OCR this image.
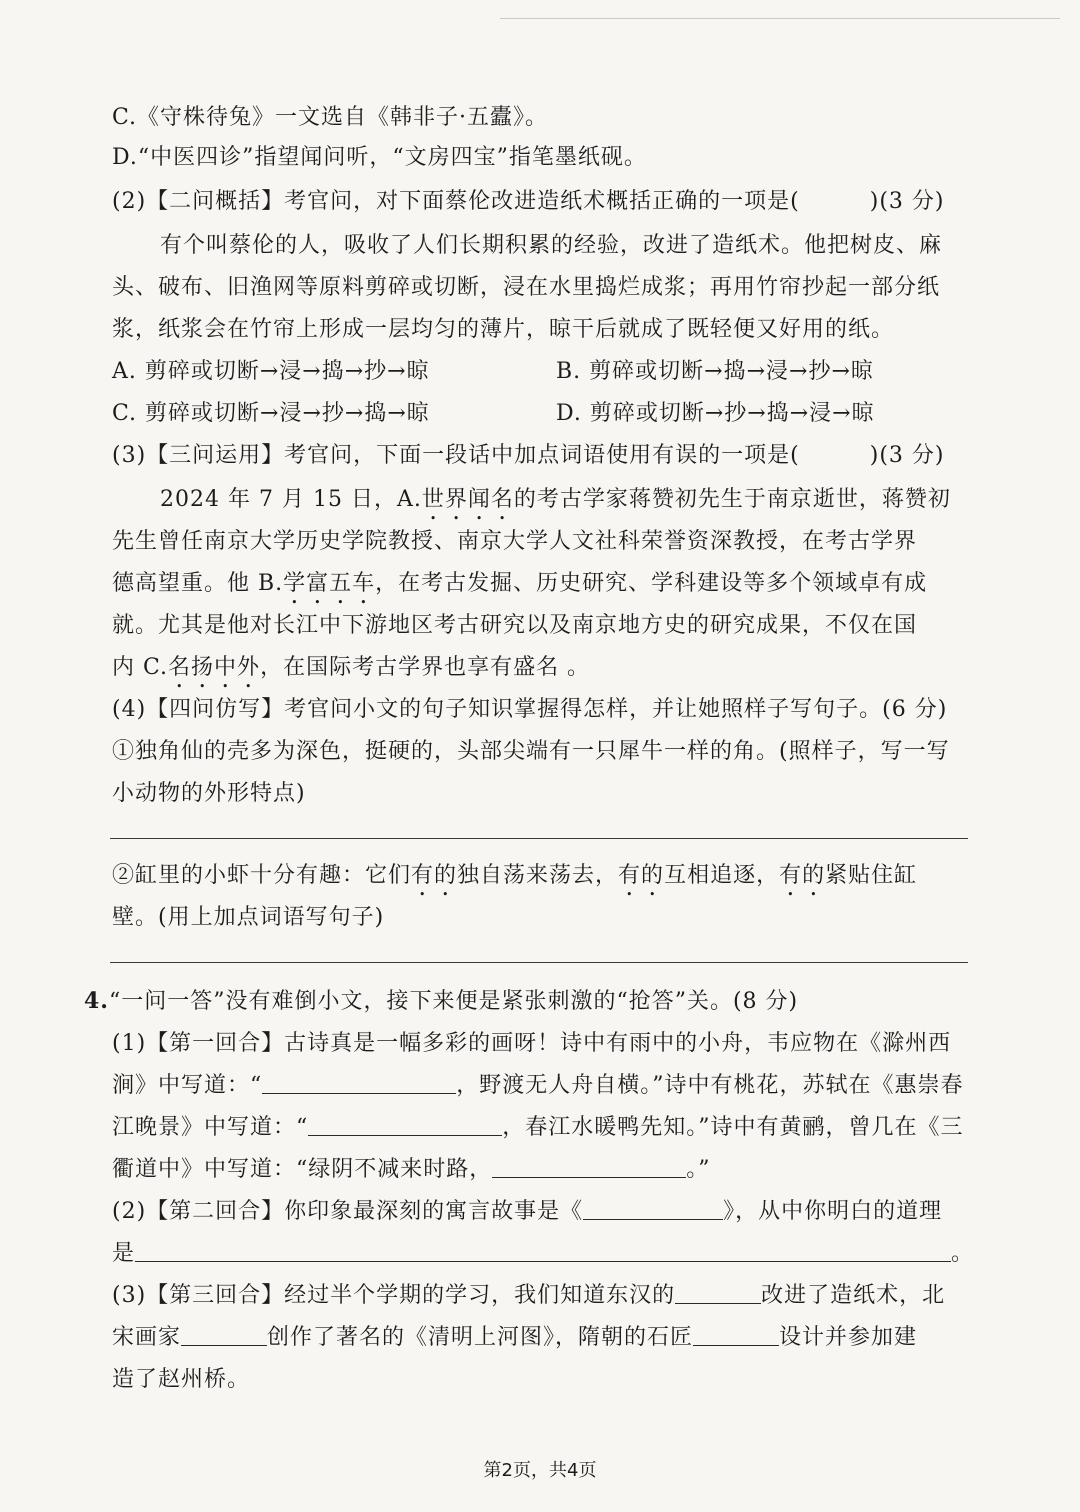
C.《守株待兔》一文选自《韩非子·五蠹》。
D.“中医四诊”指望闻问听，“文房四宝”指笔墨纸砚。
(2)【二问概括】考官问，对下面蔡伦改进造纸术概括正确的一项是(	)(3 分)
有个叫蔡伦的人，吸收了人们长期积累的经验，改进了造纸术。他把树皮、麻
头、破布、旧渔网等原料剪碎或切断，浸在水里捣烂成浆；再用竹帘抄起一部分纸
浆，纸浆会在竹帘上形成一层均匀的薄片，晾干后就成了既轻便又好用的纸。
A. 剪碎或切断→浸→捣→抄→晾	B. 剪碎或切断→捣→浸→抄→晾
C. 剪碎或切断→浸→抄→捣→晾	D. 剪碎或切断→抄→捣→浸→晾
(3)【三问运用】考官问，下面一段话中加点词语使用有误的一项是(	)(3 分)
2024 年 7 月 15 日，A.世界闻名的考古学家蒋赞初先生于南京逝世，蒋赞初
先生曾任南京大学历史学院教授、南京大学人文社科荣誉资深教授，在考古学界
德高望重。他 B.学富五车，在考古发掘、历史研究、学科建设等多个领域卓有成
就。尤其是他对长江中下游地区考古研究以及南京地方史的研究成果，不仅在国
内 C.名扬中外，在国际考古学界也享有盛名 。
(4)【四问仿写】考官问小文的句子知识掌握得怎样，并让她照样子写句子。(6 分)
①独角仙的壳多为深色，挺硬的，头部尖端有一只犀牛一样的角。(照样子，写一写
小动物的外形特点)
②缸里的小虾十分有趣：它们有的独自荡来荡去，有的互相追逐，有的紧贴住缸
壁。(用上加点词语写句子)
4.“一问一答”没有难倒小文，接下来便是紧张刺激的“抢答”关。(8 分)
(1)【第一回合】古诗真是一幅多彩的画呀！诗中有雨中的小舟，韦应物在《滁州西
涧》中写道：“	，野渡无人舟自横。”诗中有桃花，苏轼在《惠崇春
江晚景》中写道：“	，春江水暖鸭先知。”诗中有黄鹂，曾几在《三
衢道中》中写道：“绿阴不减来时路，	。”
(2)【第二回合】你印象最深刻的寓言故事是《	》，从中你明白的道理
是	。
(3)【第三回合】经过半个学期的学习，我们知道东汉的	改进了造纸术，北
宋画家	创作了著名的《清明上河图》，隋朝的石匠	设计并参加建
造了赵州桥。
第2页，共4页
